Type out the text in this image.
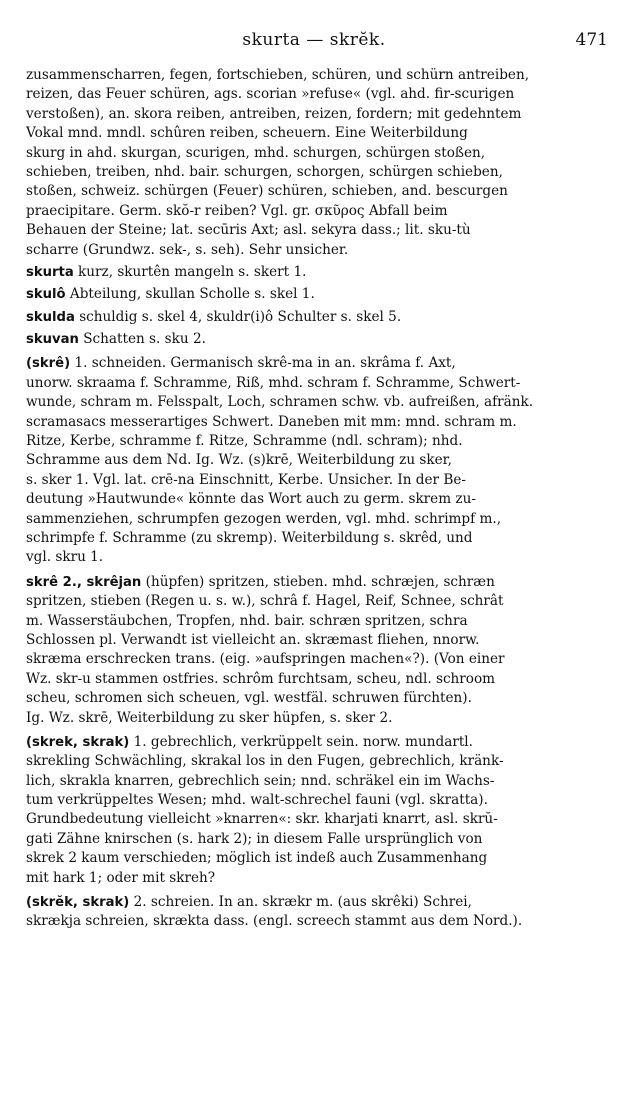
skurta — skrĕk.	471
zusammenscharren, fegen, fortschieben, schüren, und schürn antreiben,
reizen, das Feuer schüren, ags. scorian »refuse« (vgl. ahd. fir-scurigen
verstoßen), an. skora reiben, antreiben, reizen, fordern; mit gedehntem
Vokal mnd. mndl. schûren reiben, scheuern. Eine Weiterbildung
skurg in ahd. skurgan, scurigen, mhd. schurgen, schürgen stoßen,
schieben, treiben, nhd. bair. schurgen, schorgen, schürgen schieben,
stoßen, schweiz. schürgen (Feuer) schüren, schieben, and. bescurgen
praecipitare. Germ. skŏ-r reiben? Vgl. gr. σκῦρος Abfall beim
Behauen der Steine; lat. secūris Axt; asl. sekyra dass.; lit. sku-tù
scharre (Grundwz. sek-, s. seh). Sehr unsicher.
skurta kurz, skurtên mangeln s. skert 1.
skulô Abteilung, skullan Scholle s. skel 1.
skulda schuldig s. skel 4, skuldr(i)ô Schulter s. skel 5.
skuvan Schatten s. sku 2.
(skrê) 1. schneiden. Germanisch skrê-ma in an. skrâma f. Axt,
unorw. skraama f. Schramme, Riß, mhd. schram f. Schramme, Schwert-
wunde, schram m. Felsspalt, Loch, schramen schw. vb. aufreißen, afränk.
scramasacs messerartiges Schwert. Daneben mit mm: mnd. schram m.
Ritze, Kerbe, schramme f. Ritze, Schramme (ndl. schram); nhd.
Schramme aus dem Nd. Ig. Wz. (s)krē, Weiterbildung zu sker,
s. sker 1. Vgl. lat. crē-na Einschnitt, Kerbe. Unsicher. In der Be-
deutung »Hautwunde« könnte das Wort auch zu germ. skrem zu-
sammenziehen, schrumpfen gezogen werden, vgl. mhd. schrimpf m.,
schrimpfe f. Schramme (zu skremp). Weiterbildung s. skrêd, und
vgl. skru 1.
skrê 2., skrêjan (hüpfen) spritzen, stieben. mhd. schræjen, schræn
spritzen, stieben (Regen u. s. w.), schrâ f. Hagel, Reif, Schnee, schrât
m. Wasserstäubchen, Tropfen, nhd. bair. schræn spritzen, schra
Schlossen pl. Verwandt ist vielleicht an. skræmast fliehen, nnorw.
skræma erschrecken trans. (eig. »aufspringen machen«?). (Von einer
Wz. skr-u stammen ostfries. schrôm furchtsam, scheu, ndl. schroom
scheu, schromen sich scheuen, vgl. westfäl. schruwen fürchten).
Ig. Wz. skrē, Weiterbildung zu sker hüpfen, s. sker 2.
(skrek, skrak) 1. gebrechlich, verkrüppelt sein. norw. mundartl.
skrekling Schwächling, skrakal los in den Fugen, gebrechlich, kränk-
lich, skrakla knarren, gebrechlich sein; nnd. schräkel ein im Wachs-
tum verkrüppeltes Wesen; mhd. walt-schrechel fauni (vgl. skratta).
Grundbedeutung vielleicht »knarren«: skr. kharjati knarrt, asl. skrŭ-
gati Zähne knirschen (s. hark 2); in diesem Falle ursprünglich von
skrek 2 kaum verschieden; möglich ist indeß auch Zusammenhang
mit hark 1; oder mit skreh?
(skrĕk, skrak) 2. schreien. In an. skrækr m. (aus skrêki) Schrei,
skrækja schreien, skrækta dass. (engl. screech stammt aus dem Nord.).
